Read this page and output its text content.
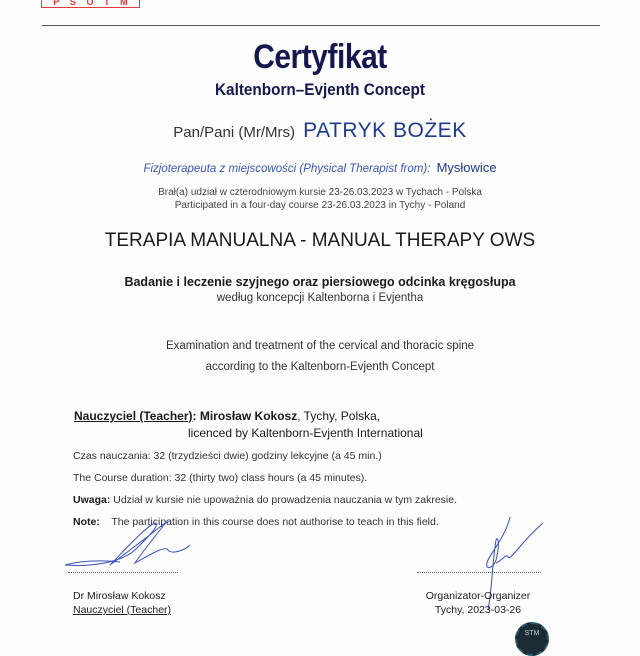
P S O T M
Certyfikat
Kaltenborn–Evjenth Concept
Pan/Pani (Mr/Mrs) PATRYK BOŻEK
Fizjoterapeuta z miejscowości (Physical Therapist from): Mysłowice
Brał(a) udział w czterodniowym kursie 23-26.03.2023 w Tychach - Polska
Participated in a four-day course 23-26.03.2023 in Tychy - Poland
TERAPIA MANUALNA - MANUAL THERAPY OWS
Badanie i leczenie szyjnego oraz piersiowego odcinka kręgosłupa
według koncepcji Kaltenborna i Evjentha
Examination and treatment of the cervical and thoracic spine
according to the Kaltenborn-Evjenth Concept
Nauczyciel (Teacher): Mirosław Kokosz, Tychy, Polska,
licenced by Kaltenborn-Evjenth International
Czas nauczania: 32 (trzydzieści dwie) godziny lekcyjne (a 45 min.)
The Course duration: 32 (thirty two) class hours (a 45 minutes).
Uwaga: Udział w kursie nie upoważnia do prowadzenia nauczania w tym zakresie.
Note:    The participation in this course does not authorise to teach in this field.
Dr Mirosław Kokosz
Nauczyciel (Teacher)
Organizator-Organizer
Tychy, 2023-03-26
STM
